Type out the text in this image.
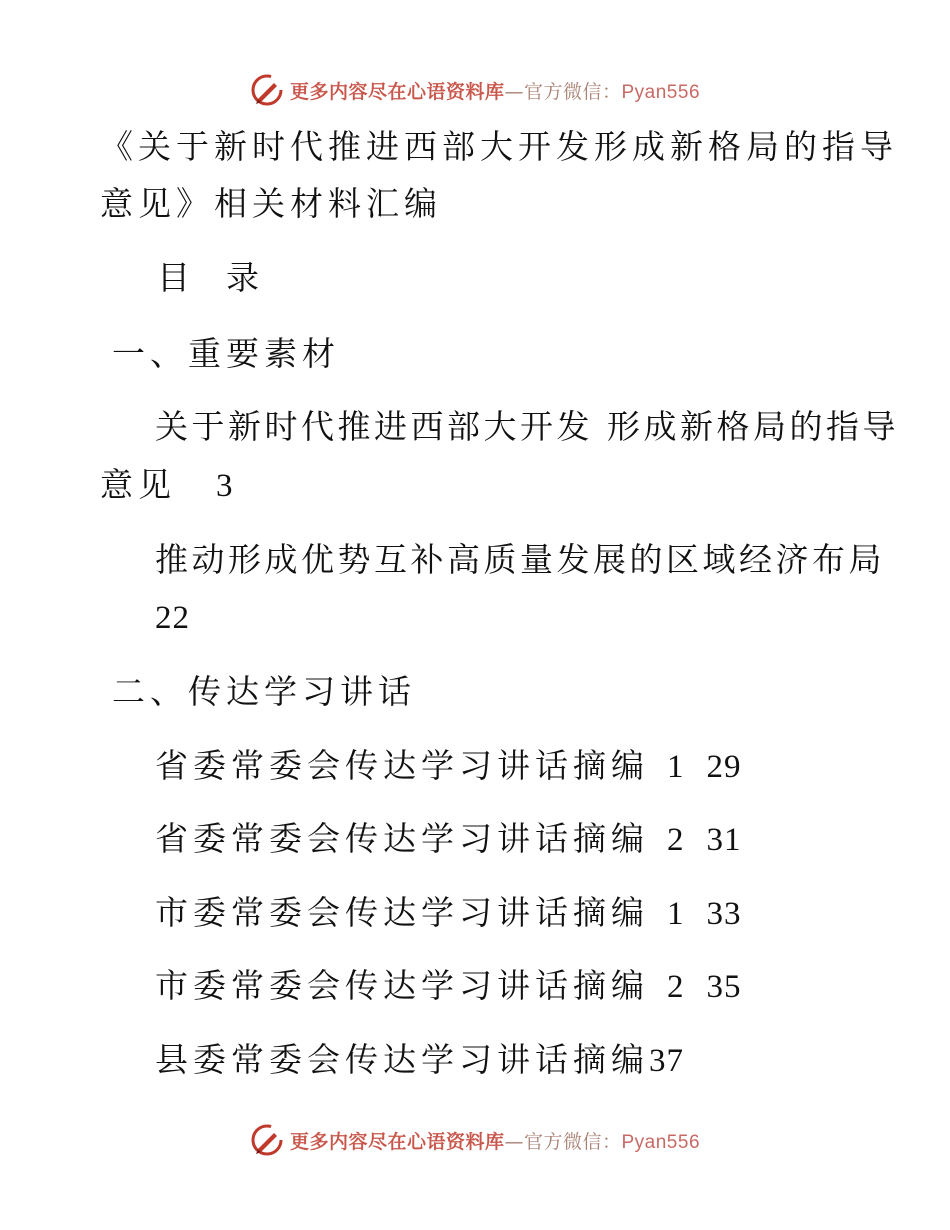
更多内容尽在心语资料库—官方微信：Pyan556
《关于新时代推进西部大开发形成新格局的指导
意见》相关材料汇编
目  录
一、重要素材
关于新时代推进西部大开发 形成新格局的指导
意见 3
推动形成优势互补高质量发展的区域经济布局
22
二、传达学习讲话
省委常委会传达学习讲话摘编 1 29
省委常委会传达学习讲话摘编 2 31
市委常委会传达学习讲话摘编 1 33
市委常委会传达学习讲话摘编 2 35
县委常委会传达学习讲话摘编37
更多内容尽在心语资料库—官方微信：Pyan556
